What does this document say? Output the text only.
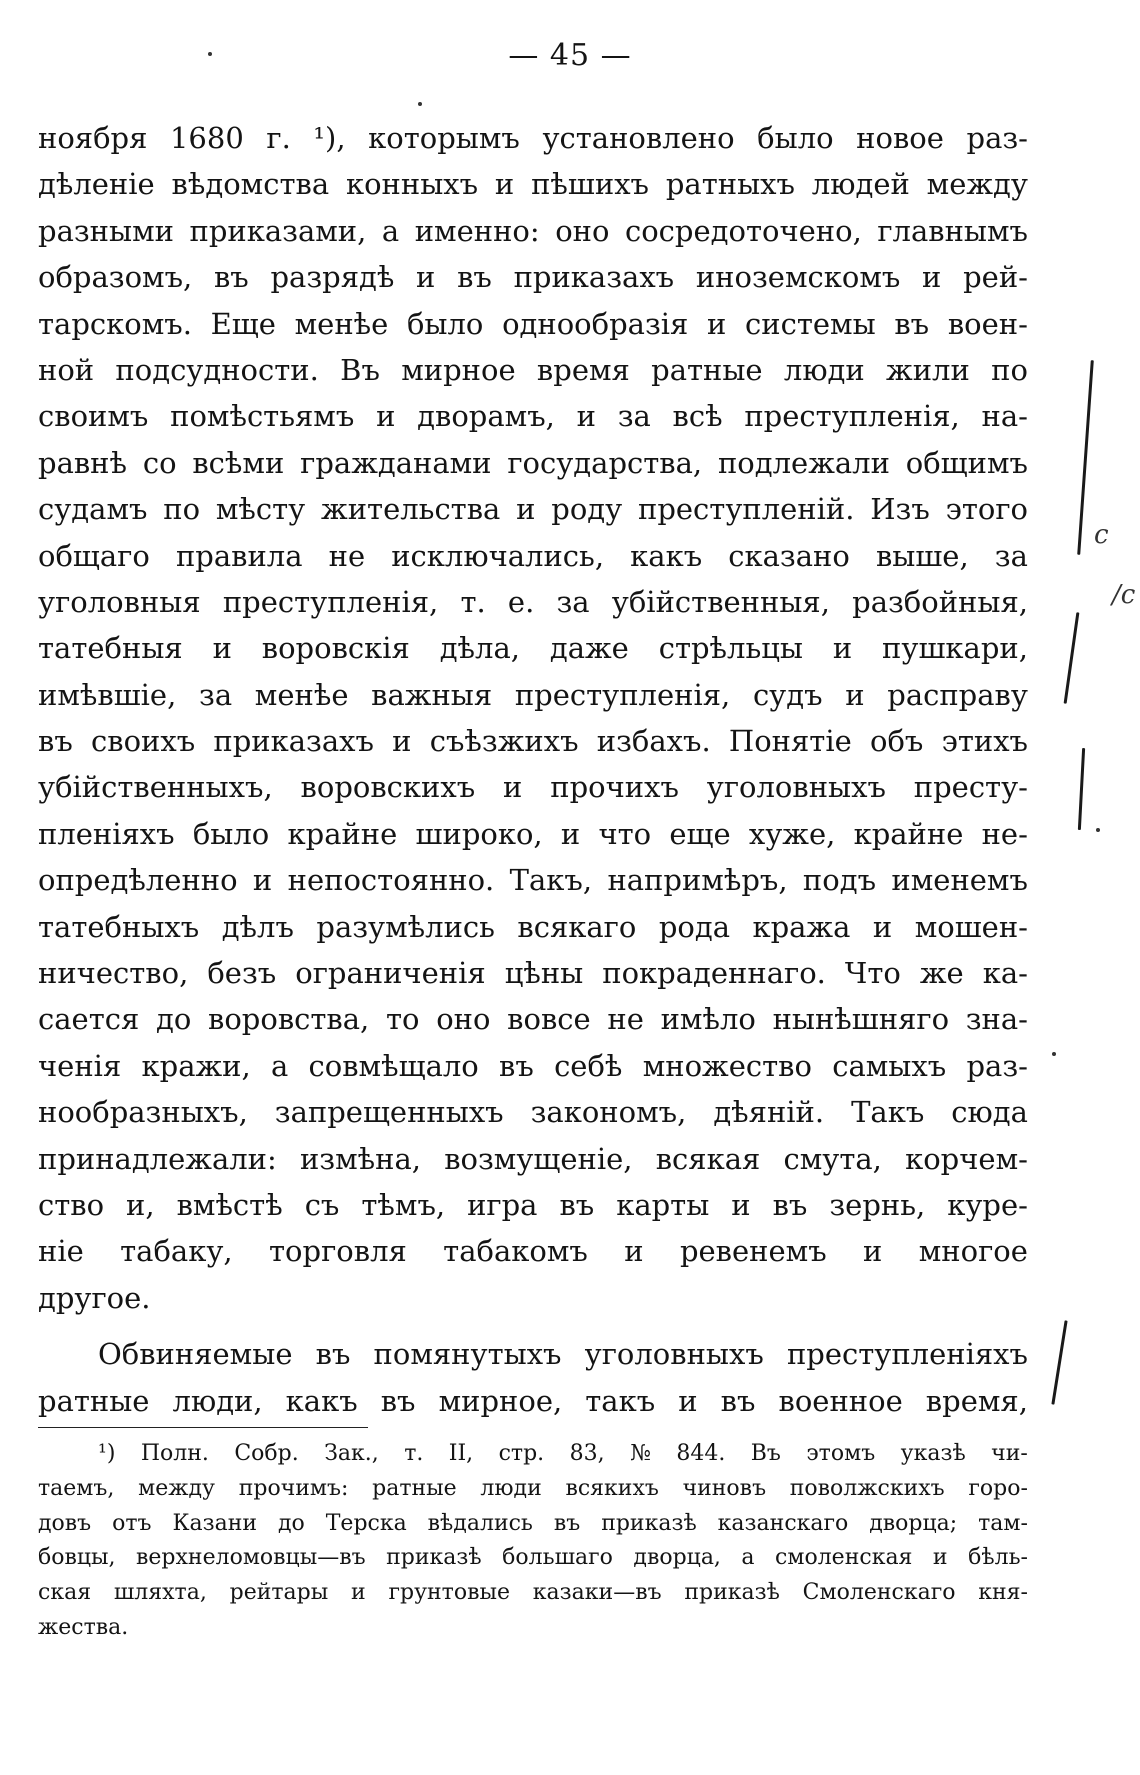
— 45 —
ноября 1680 г. ¹), которымъ установлено было новое раз-
дѣленіе вѣдомства конныхъ и пѣшихъ ратныхъ людей между
разными приказами, а именно: оно сосредоточено, главнымъ
образомъ, въ разрядѣ и въ приказахъ иноземскомъ и рей-
тарскомъ. Еще менѣе было однообразія и системы въ воен-
ной подсудности. Въ мирное время ратные люди жили по
своимъ помѣстьямъ и дворамъ, и за всѣ преступленія, на-
равнѣ со всѣми гражданами государства, подлежали общимъ
судамъ по мѣсту жительства и роду преступленій. Изъ этого
общаго правила не исключались, какъ сказано выше, за
уголовныя преступленія, т. е. за убійственныя, разбойныя,
татебныя и воровскія дѣла, даже стрѣльцы и пушкари,
имѣвшіе, за менѣе важныя преступленія, судъ и расправу
въ своихъ приказахъ и съѣзжихъ избахъ. Понятіе объ этихъ
убійственныхъ, воровскихъ и прочихъ уголовныхъ престу-
пленіяхъ было крайне широко, и что еще хуже, крайне не-
опредѣленно и непостоянно. Такъ, напримѣръ, подъ именемъ
татебныхъ дѣлъ разумѣлись всякаго рода кража и мошен-
ничество, безъ ограниченія цѣны покраденнаго. Что же ка-
сается до воровства, то оно вовсе не имѣло нынѣшняго зна-
ченія кражи, а совмѣщало въ себѣ множество самыхъ раз-
нообразныхъ, запрещенныхъ закономъ, дѣяній. Такъ сюда
принадлежали: измѣна, возмущеніе, всякая смута, корчем-
ство и, вмѣстѣ съ тѣмъ, игра въ карты и въ зернь, куре-
ніе табаку, торговля табакомъ и ревенемъ и многое
другое.
Обвиняемые въ помянутыхъ уголовныхъ преступленіяхъ
ратные люди, какъ въ мирное, такъ и въ военное время,
¹) Полн. Собр. Зак., т. II, стр. 83, № 844. Въ этомъ указѣ чи-
таемъ, между прочимъ: ратные люди всякихъ чиновъ поволжскихъ горо-
довъ отъ Казани до Терска вѣдались въ приказѣ казанскаго дворца; там-
бовцы, верхнеломовцы—въ приказѣ большаго дворца, а смоленская и бѣль-
ская шляхта, рейтары и грунтовые казаки—въ приказѣ Смоленскаго кня-
жества.
c
/c
